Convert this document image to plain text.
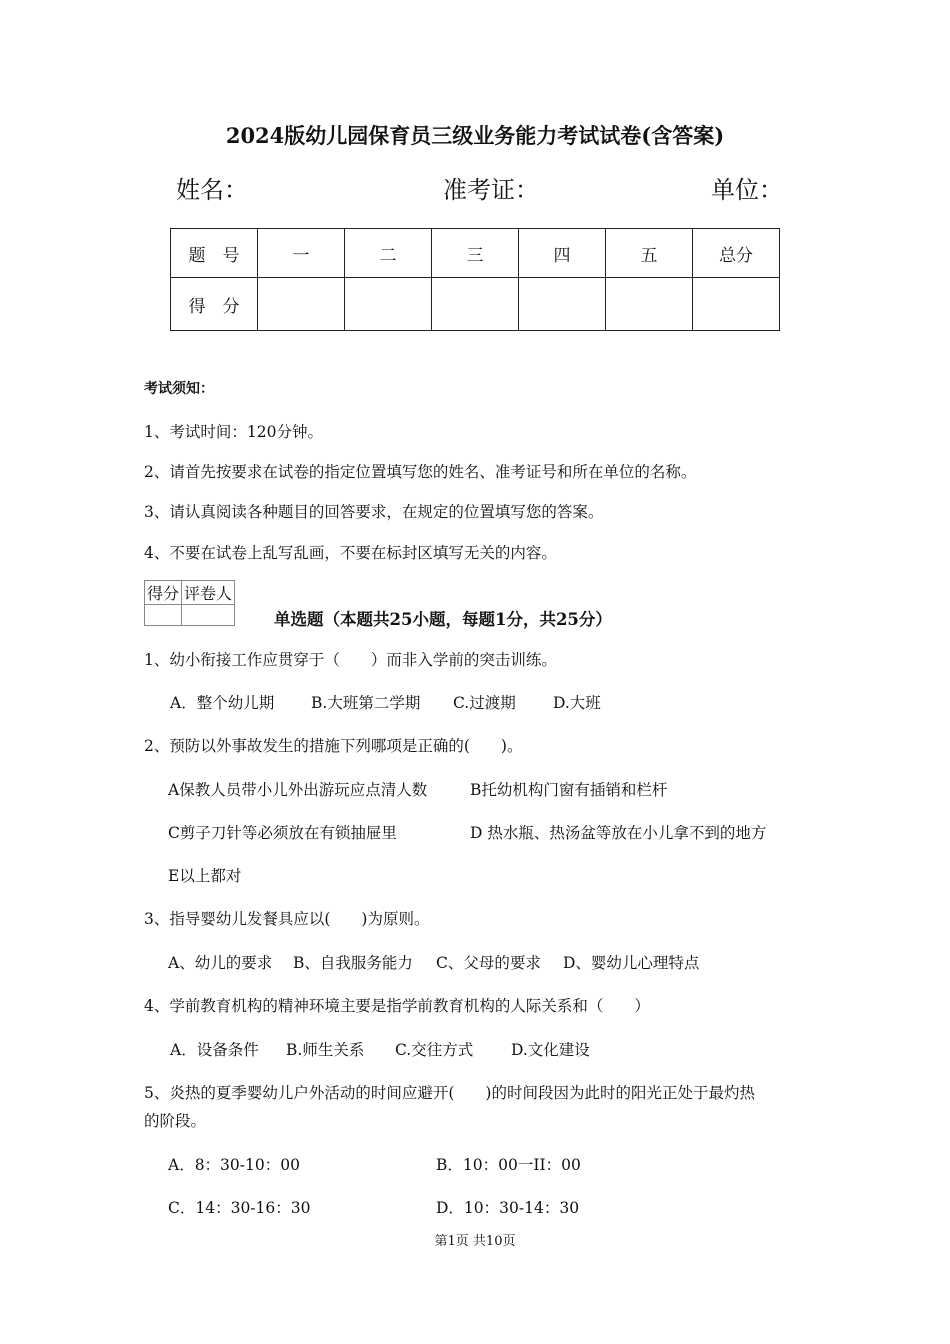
2024版幼儿园保育员三级业务能力考试试卷(含答案)
姓名：	准考证：	单位：
题　号	一	二	三	四	五	总分
得　分						
考试须知：
1、考试时间：120分钟。
2、请首先按要求在试卷的指定位置填写您的姓名、准考证号和所在单位的名称。
3、请认真阅读各种题目的回答要求，在规定的位置填写您的答案。
4、不要在试卷上乱写乱画，不要在标封区填写无关的内容。
得分	评卷人

单选题（本题共25小题，每题1分，共25分）
1、幼小衔接工作应贯穿于（　　）而非入学前的突击训练。
A．整个幼儿期 B.大班第二学期 C.过渡期 D.大班
2、预防以外事故发生的措施下列哪项是正确的(　　)。
A保教人员带小儿外出游玩应点清人数	B托幼机构门窗有插销和栏杆
C剪子刀针等必须放在有锁抽屉里	D 热水瓶、热汤盆等放在小儿拿不到的地方
E以上都对
3、指导婴幼儿发餐具应以(　　)为原则。
A、幼儿的要求 B、自我服务能力 C、父母的要求 D、婴幼儿心理特点
4、学前教育机构的精神环境主要是指学前教育机构的人际关系和（　　）
A．设备条件 B.师生关系 C.交往方式 D.文化建设
5、炎热的夏季婴幼儿户外活动的时间应避开(　　)的时间段因为此时的阳光正处于最灼热
的阶段。
A．8：30-10：00	B．10：00一II：00
C．14：30-16：30	D．10：30-14：30
第1页 共10页
